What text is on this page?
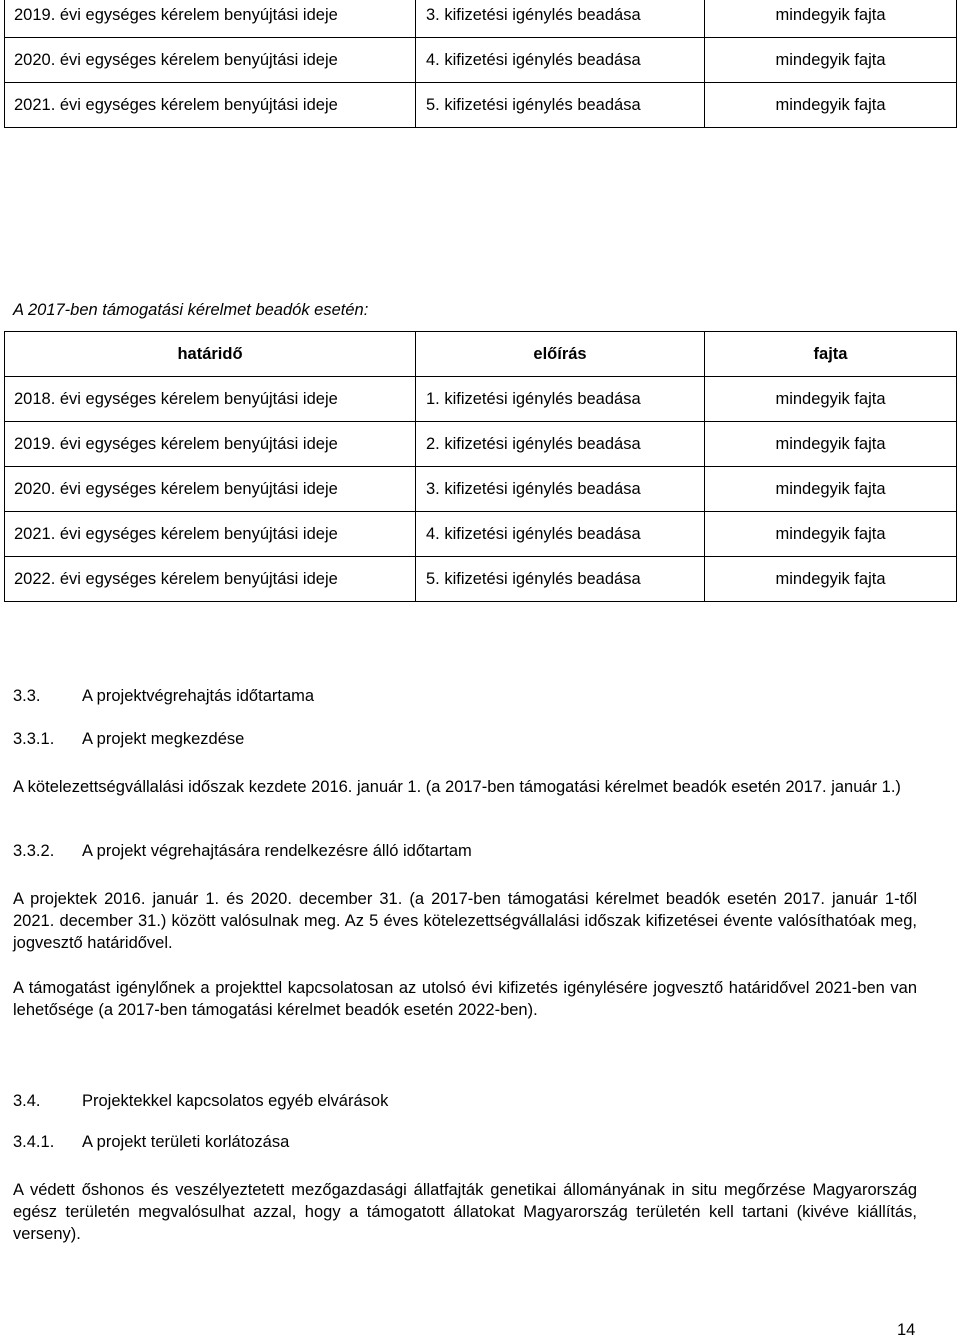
2019. évi egységes kérelem benyújtási ideje	3. kifizetési igénylés beadása	mindegyik fajta
2020. évi egységes kérelem benyújtási ideje	4. kifizetési igénylés beadása	mindegyik fajta
2021. évi egységes kérelem benyújtási ideje	5. kifizetési igénylés beadása	mindegyik fajta

A 2017-ben támogatási kérelmet beadók esetén:

határidő	előírás	fajta
2018. évi egységes kérelem benyújtási ideje	1. kifizetési igénylés beadása	mindegyik fajta
2019. évi egységes kérelem benyújtási ideje	2. kifizetési igénylés beadása	mindegyik fajta
2020. évi egységes kérelem benyújtási ideje	3. kifizetési igénylés beadása	mindegyik fajta
2021. évi egységes kérelem benyújtási ideje	4. kifizetési igénylés beadása	mindegyik fajta
2022. évi egységes kérelem benyújtási ideje	5. kifizetési igénylés beadása	mindegyik fajta

3.3.	A projektvégrehajtás időtartama

3.3.1. A projekt megkezdése

A kötelezettségvállalási időszak kezdete 2016. január 1. (a 2017-ben támogatási kérelmet beadók esetén 2017. január 1.)

3.3.2. A projekt végrehajtására rendelkezésre álló időtartam

A projektek 2016. január 1. és 2020. december 31. (a 2017-ben támogatási kérelmet beadók esetén 2017. január 1-től 2021. december 31.) között valósulnak meg. Az 5 éves kötelezettségvállalási időszak kifizetései évente valósíthatóak meg, jogvesztő határidővel.

A támogatást igénylőnek a projekttel kapcsolatosan az utolsó évi kifizetés igénylésére jogvesztő határidővel 2021-ben van lehetősége (a 2017-ben támogatási kérelmet beadók esetén 2022-ben).

3.4.	Projektekkel kapcsolatos egyéb elvárások

3.4.1. A projekt területi korlátozása

A védett őshonos és veszélyeztetett mezőgazdasági állatfajták genetikai állományának in situ megőrzése Magyarország egész területén megvalósulhat azzal, hogy a támogatott állatokat Magyarország területén kell tartani (kivéve kiállítás, verseny).

14
